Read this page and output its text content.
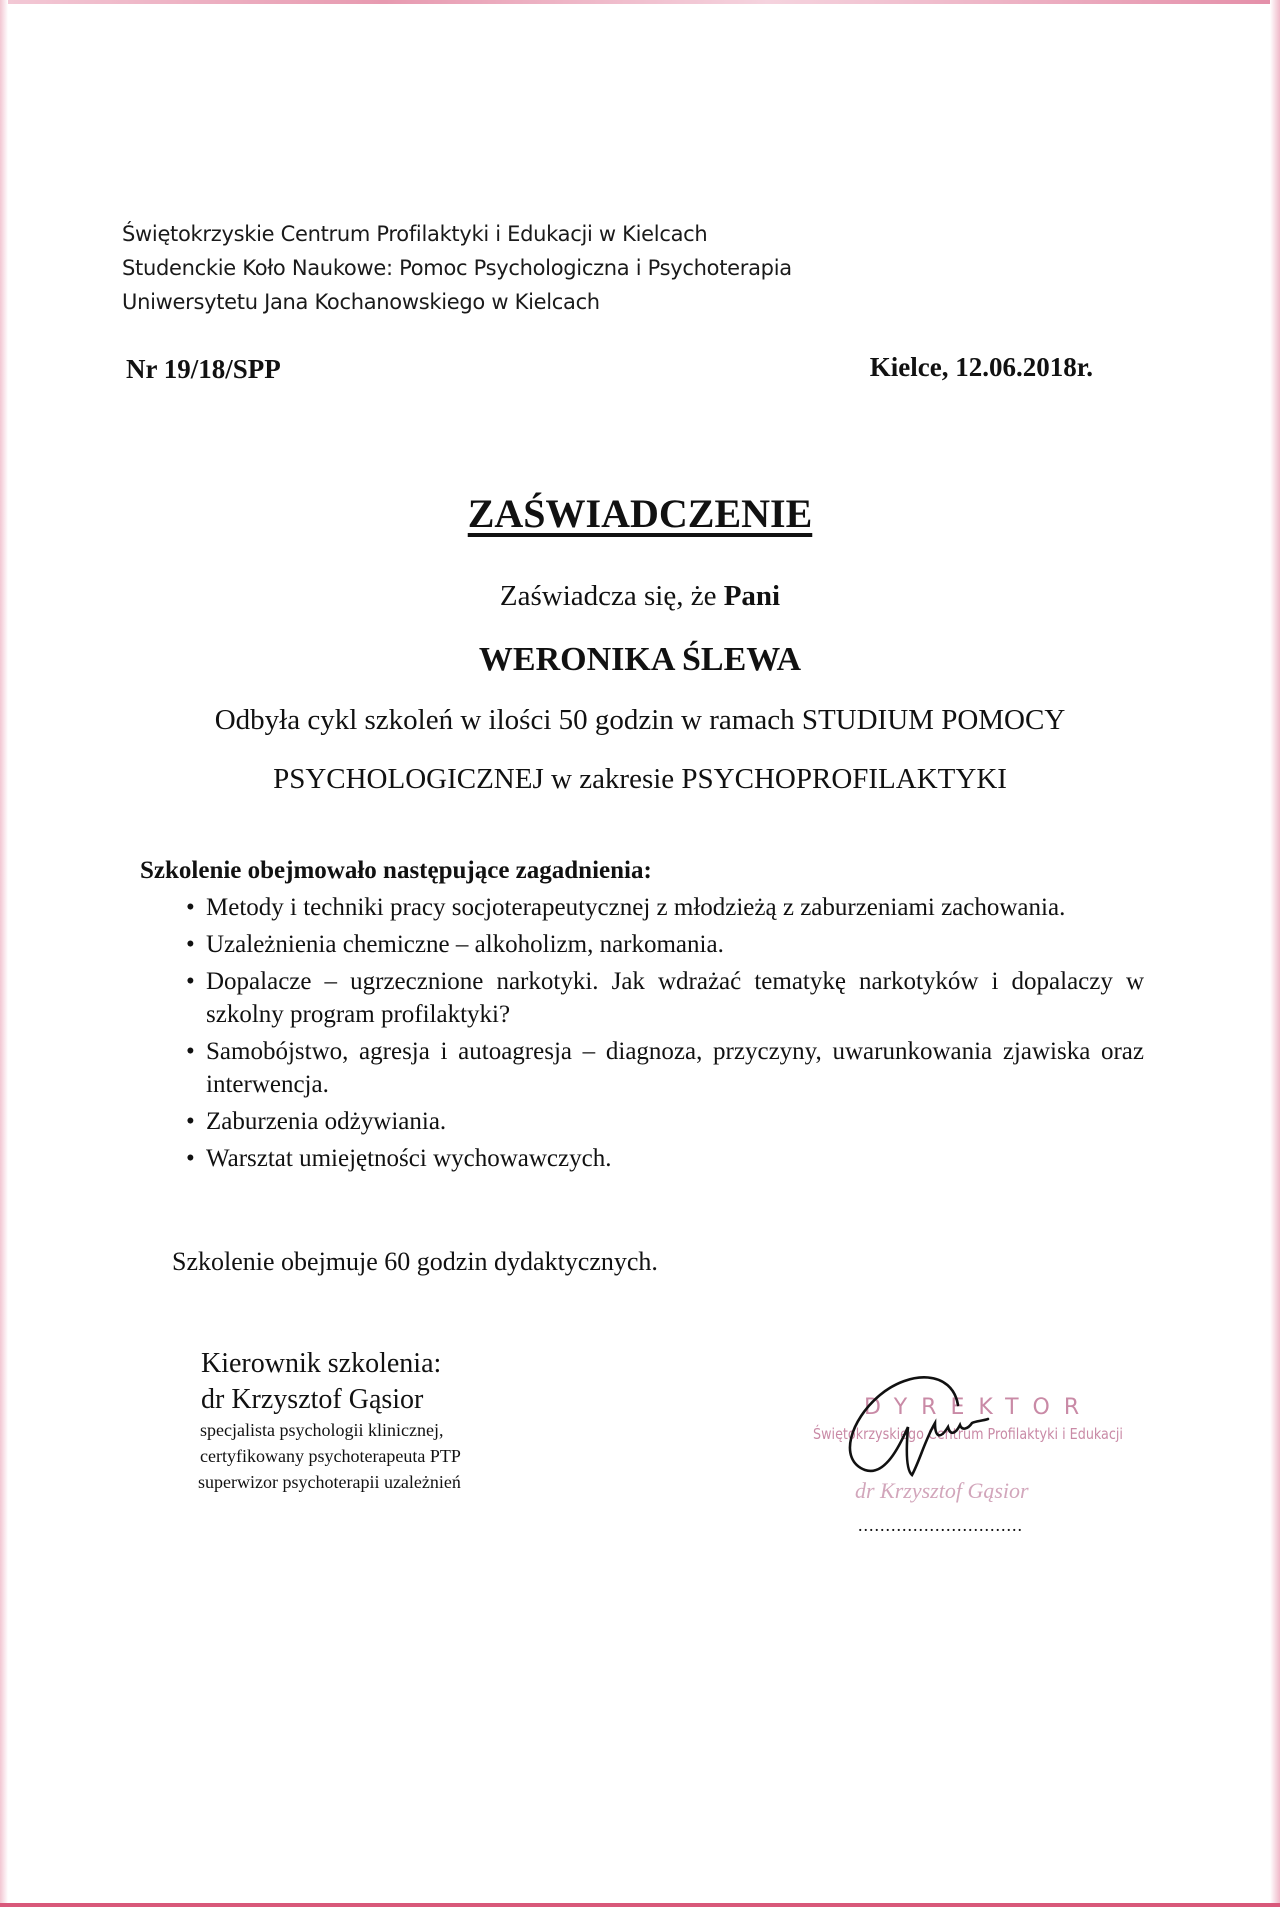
Świętokrzyskie Centrum Profilaktyki i Edukacji w Kielcach
Studenckie Koło Naukowe: Pomoc Psychologiczna i Psychoterapia
Uniwersytetu Jana Kochanowskiego w Kielcach
Nr 19/18/SPP	Kielce, 12.06.2018r.
ZAŚWIADCZENIE
Zaświadcza się, że Pani
WERONIKA ŚLEWA
Odbyła cykl szkoleń w ilości 50 godzin w ramach STUDIUM POMOCY
PSYCHOLOGICZNEJ w zakresie PSYCHOPROFILAKTYKI
Szkolenie obejmowało następujące zagadnienia:
• Metody i techniki pracy socjoterapeutycznej z młodzieżą z zaburzeniami zachowania.
• Uzależnienia chemiczne – alkoholizm, narkomania.
• Dopalacze – ugrzecznione narkotyki. Jak wdrażać tematykę narkotyków i dopalaczy w szkolny program profilaktyki?
• Samobójstwo, agresja i autoagresja – diagnoza, przyczyny, uwarunkowania zjawiska oraz interwencja.
• Zaburzenia odżywiania.
• Warsztat umiejętności wychowawczych.
Szkolenie obejmuje 60 godzin dydaktycznych.
Kierownik szkolenia:
dr Krzysztof Gąsior
specjalista psychologii klinicznej,
certyfikowany psychoterapeuta PTP
superwizor psychoterapii uzależnień
DYREKTOR
Świętokrzyskiego Centrum Profilaktyki i Edukacji
dr Krzysztof Gąsior
..............................
